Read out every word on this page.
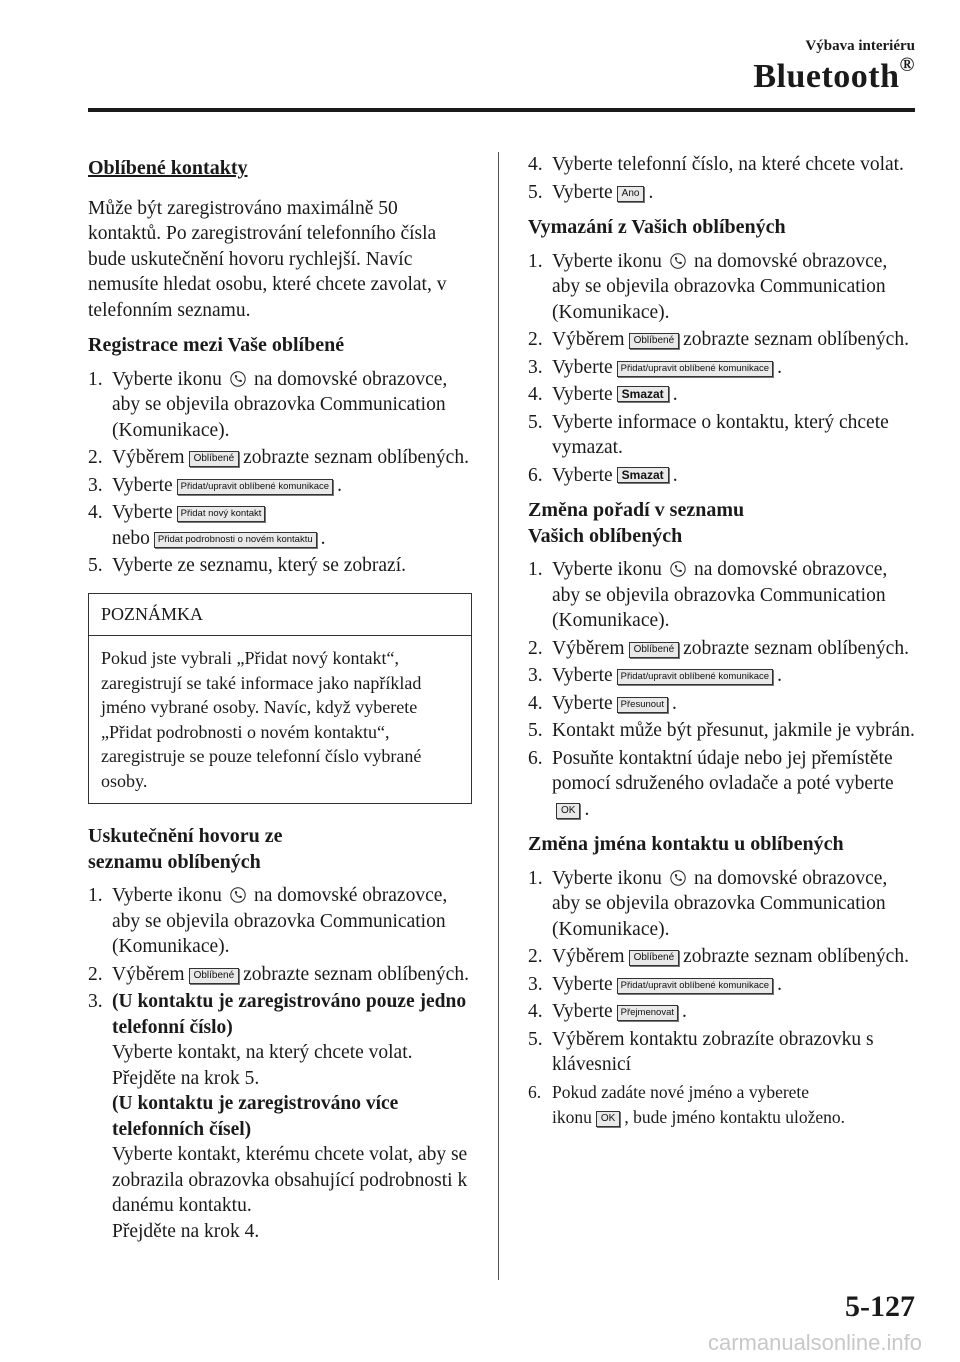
Výbava interiéru
Bluetooth®
Oblíbené kontakty

Může být zaregistrováno maximálně 50 kontaktů. Po zaregistrování telefonního čísla bude uskutečnění hovoru rychlejší. Navíc nemusíte hledat osobu, které chcete zavolat, v telefonním seznamu.

Registrace mezi Vaše oblíbené
1. Vyberte ikonu na domovské obrazovce, aby se objevila obrazovka Communication (Komunikace).
2. Výběrem Oblíbené zobrazte seznam oblíbených.
3. Vyberte Přidat/upravit oblíbené komunikace .
4. Vyberte Přidat nový kontakt
nebo Přidat podrobnosti o novém kontaktu .
5. Vyberte ze seznamu, který se zobrazí.
POZNÁMKA
Pokud jste vybrali „Přidat nový kontakt“, zaregistrují se také informace jako například jméno vybrané osoby. Navíc, když vyberete „Přidat podrobnosti o novém kontaktu“, zaregistruje se pouze telefonní číslo vybrané osoby.
Uskutečnění hovoru ze
seznamu oblíbených
1. Vyberte ikonu na domovské obrazovce, aby se objevila obrazovka Communication (Komunikace).
2. Výběrem Oblíbené zobrazte seznam oblíbených.
3. (U kontaktu je zaregistrováno pouze jedno telefonní číslo)
Vyberte kontakt, na který chcete volat.
Přejděte na krok 5.
(U kontaktu je zaregistrováno více telefonních čísel)
Vyberte kontakt, kterému chcete volat, aby se zobrazila obrazovka obsahující podrobnosti k danému kontaktu.
Přejděte na krok 4.
4. Vyberte telefonní číslo, na které chcete volat.
5. Vyberte Ano .
Vymazání z Vašich oblíbených
1. Vyberte ikonu na domovské obrazovce, aby se objevila obrazovka Communication (Komunikace).
2. Výběrem Oblíbené zobrazte seznam oblíbených.
3. Vyberte Přidat/upravit oblíbené komunikace .
4. Vyberte Smazat .
5. Vyberte informace o kontaktu, který chcete vymazat.
6. Vyberte Smazat .
Změna pořadí v seznamu
Vašich oblíbených
1. Vyberte ikonu na domovské obrazovce, aby se objevila obrazovka Communication (Komunikace).
2. Výběrem Oblíbené zobrazte seznam oblíbených.
3. Vyberte Přidat/upravit oblíbené komunikace .
4. Vyberte Přesunout .
5. Kontakt může být přesunut, jakmile je vybrán.
6. Posuňte kontaktní údaje nebo jej přemístěte pomocí sdruženého ovladače a poté vyberteOK .
Změna jména kontaktu u oblíbených
1. Vyberte ikonu na domovské obrazovce, aby se objevila obrazovka Communication (Komunikace).
2. Výběrem Oblíbené zobrazte seznam oblíbených.
3. Vyberte Přidat/upravit oblíbené komunikace .
4. Vyberte Přejmenovat .
5. Výběrem kontaktu zobrazíte obrazovku s klávesnicí
6. Pokud zadáte nové jméno a vyberete
ikonu OK , bude jméno kontaktu uloženo.
5-127
carmanualsonline.info
